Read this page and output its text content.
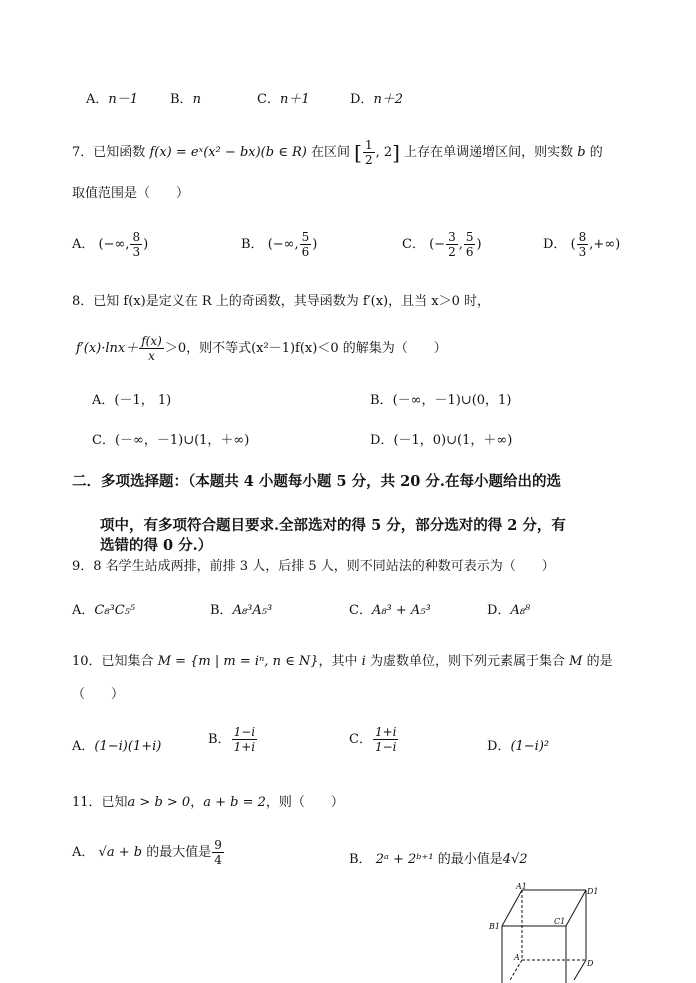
A．n－1 B．n	C．n＋1	D．n＋2
7．已知函数 f(x) = eˣ(x² − bx)(b ∈ R) 在区间 [ $\frac{1}{2}$ , 2] 上存在单调递增区间，则实数 b 的
取值范围是（　　）
A． (−∞, $\frac{8}{3}$ )	B． (−∞, $\frac{5}{6}$ )	C． (− $\frac{3}{2}$ , $\frac{5}{6}$ )	D． ( $\frac{8}{3}$ ,+∞)
8．已知 f(x)是定义在 R 上的奇函数，其导函数为 f′(x)，且当 x＞0 时，
$f'(x)\cdot\ln x+ \frac{f(x)}{x} >0$，则不等式(x²－1)f(x)＜0 的解集为（　　）
A．(－1， 1)	B．(－∞，－1)∪(0，1)
C．(－∞，－1)∪(1，＋∞)	D．(－1，0)∪(1，＋∞)
二．多项选择题：（本题共 4 小题每小题 5 分，共 20 分.在每小题给出的选
项中，有多项符合题目要求.全部选对的得 5 分，部分选对的得 2 分，有
选错的得 0 分.）
9．8 名学生站成两排，前排 3 人，后排 5 人，则不同站法的种数可表示为（　　）
A．C₈³C₅⁵	B．A₈³A₅³	C．A₈³ + A₅³	D．A₈⁸
10．已知集合 M = {m | m = iⁿ, n ∈ N}，其中 i 为虚数单位，则下列元素属于集合 M 的是
（　　）
A．(1−i)(1+i)	B． $\frac{1-i}{1+i}$	C． $\frac{1+i}{1-i}$	D．(1−i)²
11．已知a > b > 0，a + b = 2，则（　　）
A． √a + b 的最大值是 $\frac{9}{4}$	B． 2ᵃ + 2ᵇ⁺¹ 的最小值是4√2
A1
D1
B1
C1
A
D
